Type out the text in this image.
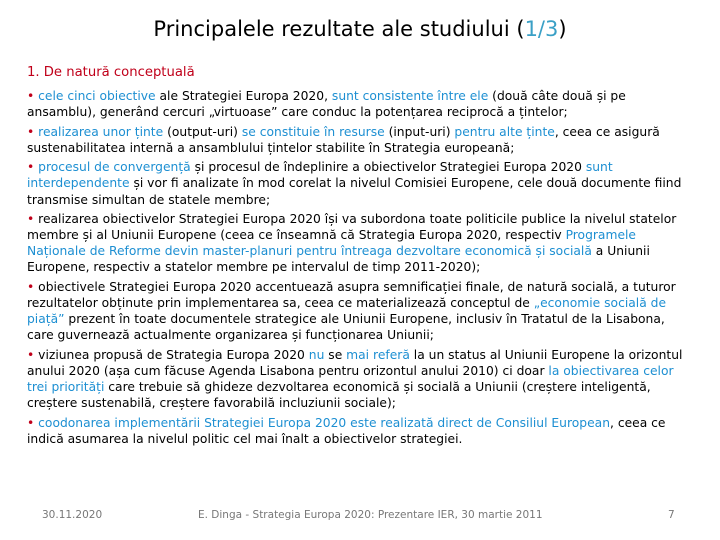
Principalele rezultate ale studiului (1/3)
1. De natură conceptuală

• cele cinci obiective ale Strategiei Europa 2020, sunt consistente între ele (două câte două și pe ansamblu), generând cercuri „virtuoase” care conduc la potențarea reciprocă a țintelor;

• realizarea unor ținte (output-uri) se constituie în resurse (input-uri) pentru alte ținte, ceea ce asigură sustenabilitatea internă a ansamblului țintelor stabilite în Strategia europeană;

• procesul de convergență și procesul de îndeplinire a obiectivelor Strategiei Europa 2020 sunt interdependente și vor fi analizate în mod corelat la nivelul Comisiei Europene, cele două documente fiind transmise simultan de statele membre;

• realizarea obiectivelor Strategiei Europa 2020 își va subordona toate politicile publice la nivelul statelor membre și al Uniunii Europene (ceea ce înseamnă că Strategia Europa 2020, respectiv Programele Naționale de Reforme devin master-planuri pentru întreaga dezvoltare economică și socială a Uniunii Europene, respectiv a statelor membre pe intervalul de timp 2011-2020);

• obiectivele Strategiei Europa 2020 accentuează asupra semnificației finale, de natură socială, a tuturor rezultatelor obținute prin implementarea sa, ceea ce materializează conceptul de „economie socială de piață” prezent în toate documentele strategice ale Uniunii Europene, inclusiv în Tratatul de la Lisabona, care guvernează actualmente organizarea și funcționarea Uniunii;

• viziunea propusă de Strategia Europa 2020 nu se mai referă la un status al Uniunii Europene la orizontul anului 2020 (așa cum făcuse Agenda Lisabona pentru orizontul anului 2010) ci doar la obiectivarea celor trei priorități care trebuie să ghideze dezvoltarea economică și socială a Uniunii (creștere inteligentă, creștere sustenabilă, creștere favorabilă incluziunii sociale);

• coodonarea implementării Strategiei Europa 2020 este realizată direct de Consiliul European, ceea ce indică asumarea la nivelul politic cel mai înalt a obiectivelor strategiei.

30.11.2020	E. Dinga - Strategia Europa 2020: Prezentare IER, 30 martie 2011	7
